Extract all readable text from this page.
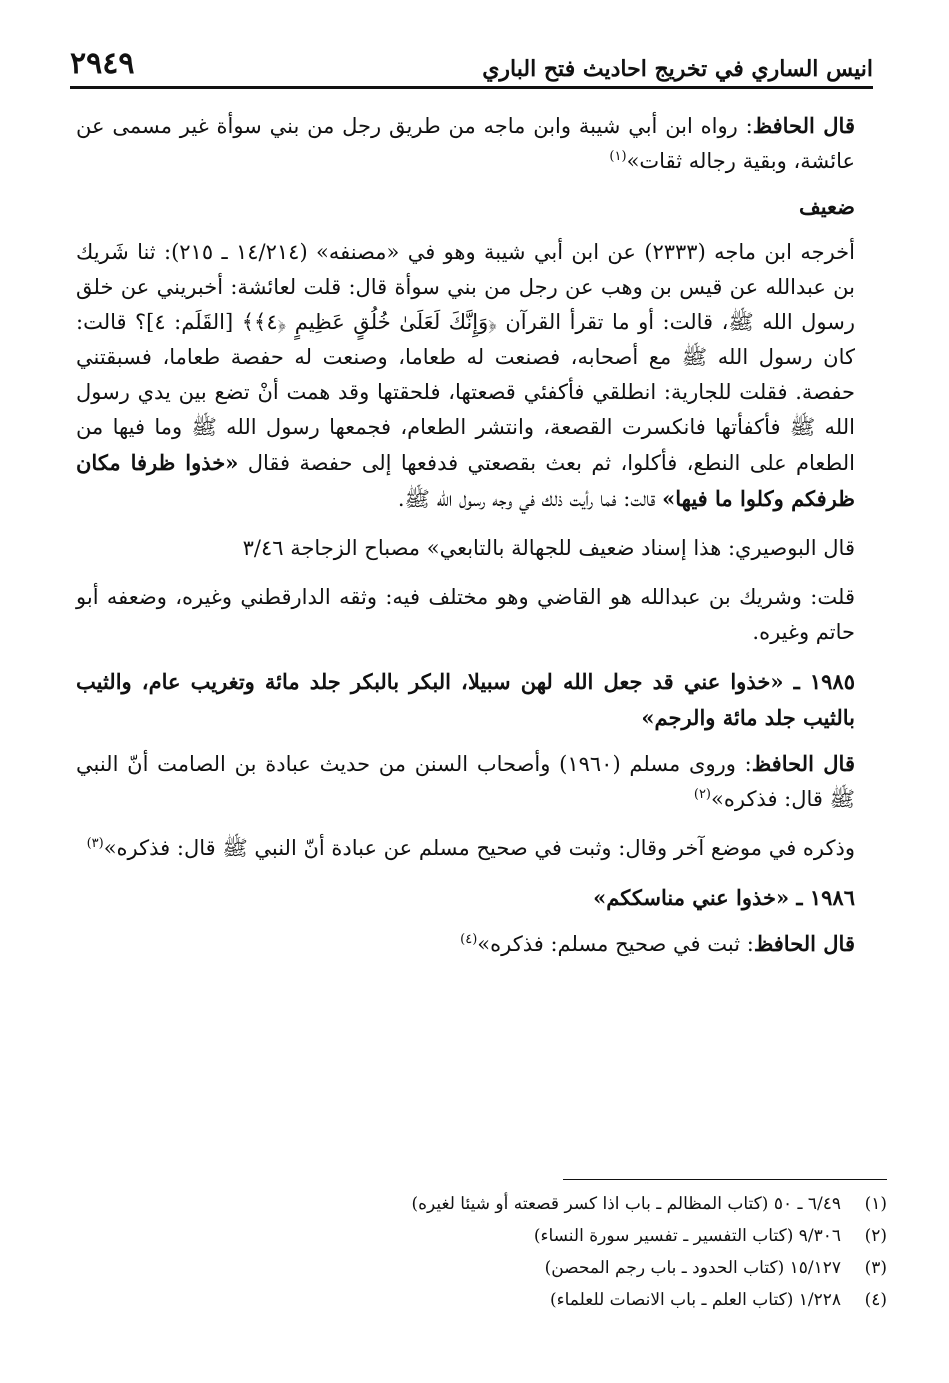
انيس الساري في تخريج احاديث فتح الباري
٢٩٤٩

قال الحافظ: رواه ابن أبي شيبة وابن ماجه من طريق رجل من بني سوأة غير مسمى عن عائشة، وبقية رجاله ثقات»$^{(١)}$

ضعيف

أخرجه ابن ماجه (٢٣٣٣) عن ابن أبي شيبة وهو في «مصنفه» (١٤/٢١٤ ـ ٢١٥): ثنا شَريك بن عبدالله عن قيس بن وهب عن رجل من بني سوأة قال: قلت لعائشة: أخبريني عن خلق رسول الله ﷺ، قالت: أو ما تقرأ القرآن ﴿وَإِنَّكَ لَعَلَىٰ خُلُقٍ عَظِيمٍ ﴿٤﴾﴾ [القَلَم: ٤]؟ قالت: كان رسول الله ﷺ مع أصحابه، فصنعت له طعاما، وصنعت له حفصة طعاما، فسبقتني حفصة. فقلت للجارية: انطلقي فأكفئي قصعتها، فلحقتها وقد همت أنْ تضع بين يدي رسول الله ﷺ فأكفأتها فانكسرت القصعة، وانتشر الطعام، فجمعها رسول الله ﷺ وما فيها من الطعام على النطع، فأكلوا، ثم بعث بقصعتي فدفعها إلى حفصة فقال «خذوا ظرفا مكان ظرفكم وكلوا ما فيها» قالت: فما رأيت ذلك في وجه رسول الله ﷺ.

قال البوصيري: هذا إسناد ضعيف للجهالة بالتابعي» مصباح الزجاجة ٣/٤٦

قلت: وشريك بن عبدالله هو القاضي وهو مختلف فيه: وثقه الدارقطني وغيره، وضعفه أبو حاتم وغيره.

١٩٨٥ ـ «خذوا عني قد جعل الله لهن سبيلا، البكر بالبكر جلد مائة وتغريب عام، والثيب بالثيب جلد مائة والرجم»

قال الحافظ: وروى مسلم (١٩٦٠) وأصحاب السنن من حديث عبادة بن الصامت أنّ النبي ﷺ قال: فذكره»$^{(٢)}$

وذكره في موضع آخر وقال: وثبت في صحيح مسلم عن عبادة أنّ النبي ﷺ قال: فذكره»$^{(٣)}$

١٩٨٦ ـ «خذوا عني مناسككم»

قال الحافظ: ثبت في صحيح مسلم: فذكره»$^{(٤)}$

(١)٦/٤٩ ـ ٥٠ (كتاب المظالم ـ باب اذا كسر قصعته أو شيئا لغيره)
(٢)٩/٣٠٦ (كتاب التفسير ـ تفسير سورة النساء)
(٣)١٥/١٢٧ (كتاب الحدود ـ باب رجم المحصن)
(٤)١/٢٢٨ (كتاب العلم ـ باب الانصات للعلماء)
